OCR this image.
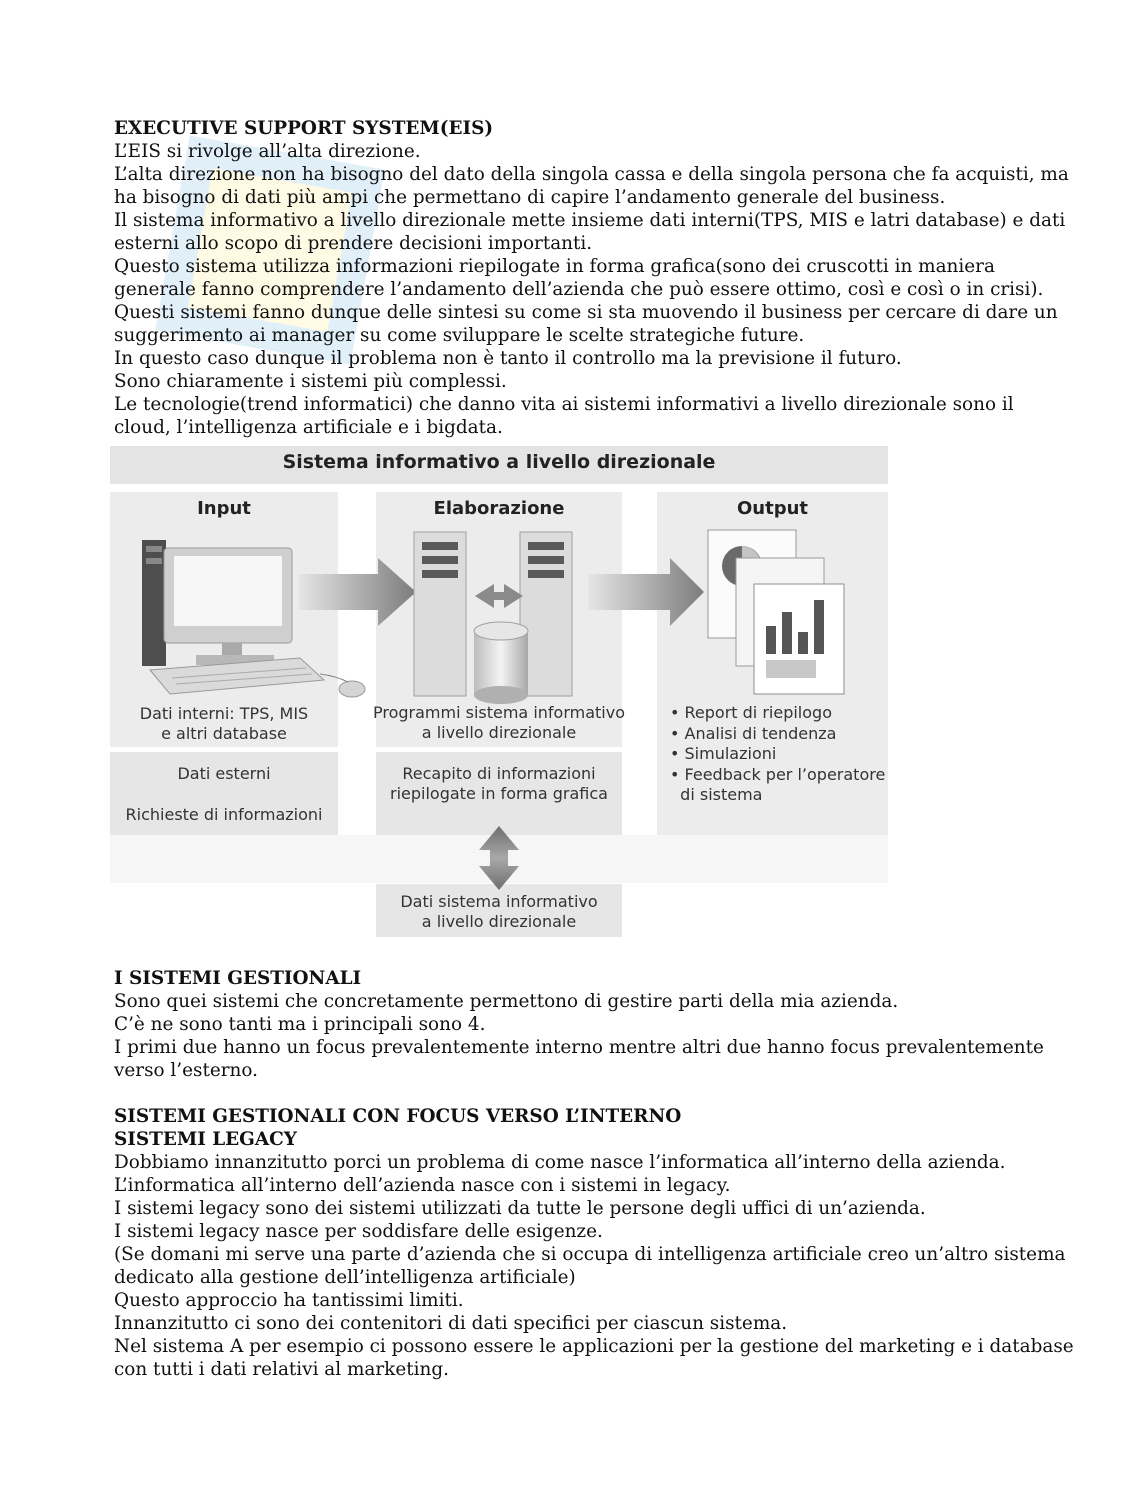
EXECUTIVE SUPPORT SYSTEM(EIS)

L’EIS si rivolge all’alta direzione.

L’alta direzione non ha bisogno del dato della singola cassa e della singola persona che fa acquisti, ma

ha bisogno di dati più ampi che permettano di capire l’andamento generale del business.

Il sistema informativo a livello direzionale mette insieme dati interni(TPS, MIS e latri database) e dati

esterni allo scopo di prendere decisioni importanti.

Questo sistema utilizza informazioni riepilogate in forma grafica(sono dei cruscotti in maniera

generale fanno comprendere l’andamento dell’azienda che può essere ottimo, così e così o in crisi).

Questi sistemi fanno dunque delle sintesi su come si sta muovendo il business per cercare di dare un

suggerimento ai manager su come sviluppare le scelte strategiche future.

In questo caso dunque il problema non è tanto il controllo ma la previsione il futuro.

Sono chiaramente i sistemi più complessi.

Le tecnologie(trend informatici) che danno vita ai sistemi informativi a livello direzionale sono il

cloud, l’intelligenza artificiale e i bigdata.

Sistema informativo a livello direzionale
Input	Elaborazione	Output
Dati interni: TPS, MIS
e altri database
Dati esterni
Richieste di informazioni
Programmi sistema informativo
a livello direzionale
Recapito di informazioni
riepilogate in forma grafica
• Report di riepilogo
• Analisi di tendenza
• Simulazioni
• Feedback per l’operatore
di sistema
Dati sistema informativo
a livello direzionale
I SISTEMI GESTIONALI

Sono quei sistemi che concretamente permettono di gestire parti della mia azienda.

C’è ne sono tanti ma i principali sono 4.

I primi due hanno un focus prevalentemente interno mentre altri due hanno focus prevalentemente

verso l’esterno.

SISTEMI GESTIONALI CON FOCUS VERSO L’INTERNO
SISTEMI LEGACY

Dobbiamo innanzitutto porci un problema di come nasce l’informatica all’interno della azienda.

L’informatica all’interno dell’azienda nasce con i sistemi in legacy.

I sistemi legacy sono dei sistemi utilizzati da tutte le persone degli uffici di un’azienda.

I sistemi legacy nasce per soddisfare delle esigenze.

(Se domani mi serve una parte d’azienda che si occupa di intelligenza artificiale creo un’altro sistema

dedicato alla gestione dell’intelligenza artificiale)

Questo approccio ha tantissimi limiti.

Innanzitutto ci sono dei contenitori di dati specifici per ciascun sistema.

Nel sistema A per esempio ci possono essere le applicazioni per la gestione del marketing e i database

con tutti i dati relativi al marketing.
